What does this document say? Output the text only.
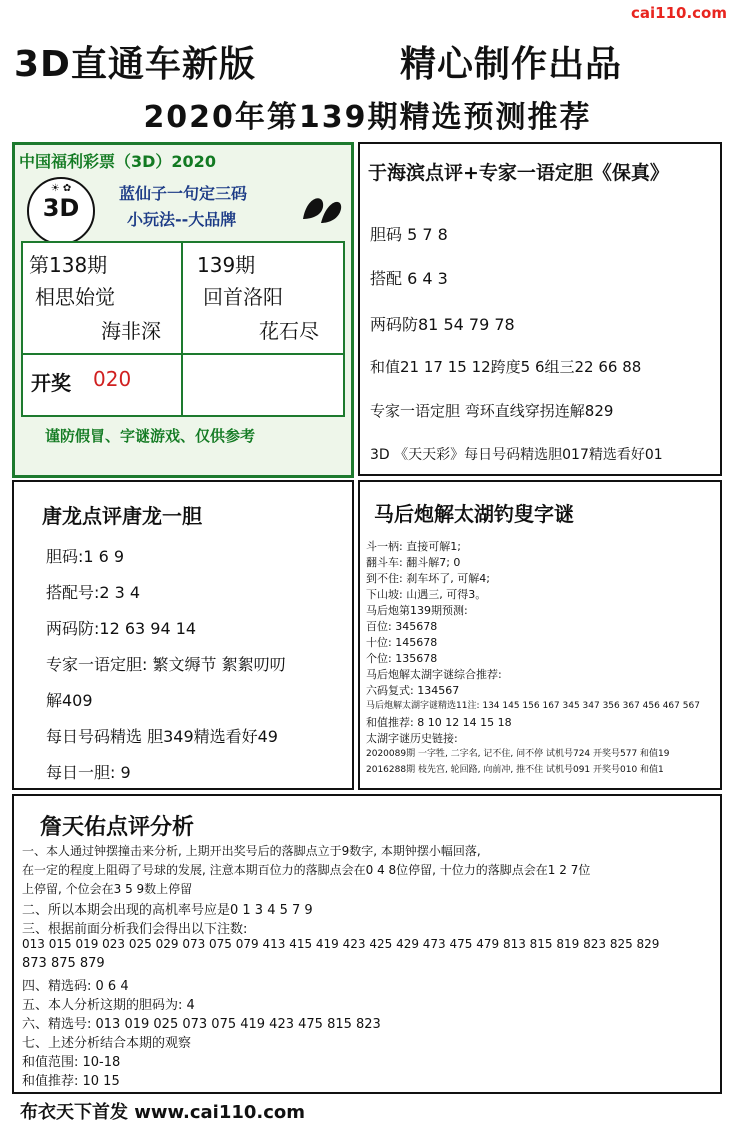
cai110.com
3D直通车新版	精心制作出品
2020年第139期精选预测推荐
中国福利彩票（3D）2020
☀ ✿
3D
蓝仙子一句定三码
小玩法--大品牌
第138期
相思始觉
海非深
139期
回首洛阳
花石尽
开奖 020
谨防假冒、字谜游戏、仅供参考
于海滨点评+专家一语定胆《保真》
胆码 5 7 8
搭配 6 4 3
两码防81 54 79 78
和值21 17 15 12跨度5 6组三22 66 88
专家一语定胆 弯环直线穿拐连解829
3D 《天天彩》每日号码精选胆017精选看好01
唐龙点评唐龙一胆
胆码:1 6 9
搭配号:2 3 4
两码防:12 63 94 14
专家一语定胆: 繁文缛节 絮絮叨叨
解409
每日号码精选 胆349精选看好49
每日一胆: 9
马后炮解太湖钓叟字谜
斗一柄: 直接可解1;
翻斗车: 翻斗解7; 0
到不住: 刹车坏了, 可解4;
下山坡: 山遇三, 可得3。
马后炮第139期预测:
百位: 345678
十位: 145678
个位: 135678
马后炮解太湖字谜综合推荐:
六码复式: 134567
马后炮解太湖字谜精选11注: 134 145 156 167 345 347 356 367 456 467 567
和值推荐: 8 10 12 14 15 18
太湖字谜历史链接:
2020089期 一字牲, 二字名, 记不住, 问不停 试机号724 开奖号577 和值19
2016288期 枝先宫, 轮回路, 向前冲, 推不住 试机号091 开奖号010 和值1
詹天佑点评分析
一、本人通过钟摆撞击来分析, 上期开出奖号后的落脚点立于9数字, 本期钟摆小幅回落,
在一定的程度上阻碍了号球的发展, 注意本期百位力的落脚点会在0 4 8位停留, 十位力的落脚点会在1 2 7位
上停留, 个位会在3 5 9数上停留
二、所以本期会出现的高机率号应是0 1 3 4 5 7 9
三、根据前面分析我们会得出以下注数:
013 015 019 023 025 029 073 075 079 413 415 419 423 425 429 473 475 479 813 815 819 823 825 829
873 875 879
四、精选码: 0 6 4
五、本人分析这期的胆码为: 4
六、精选号: 013 019 025 073 075 419 423 475 815 823
七、上述分析结合本期的观察
和值范围: 10-18
和值推荐: 10 15
布衣天下首发 www.cai110.com
